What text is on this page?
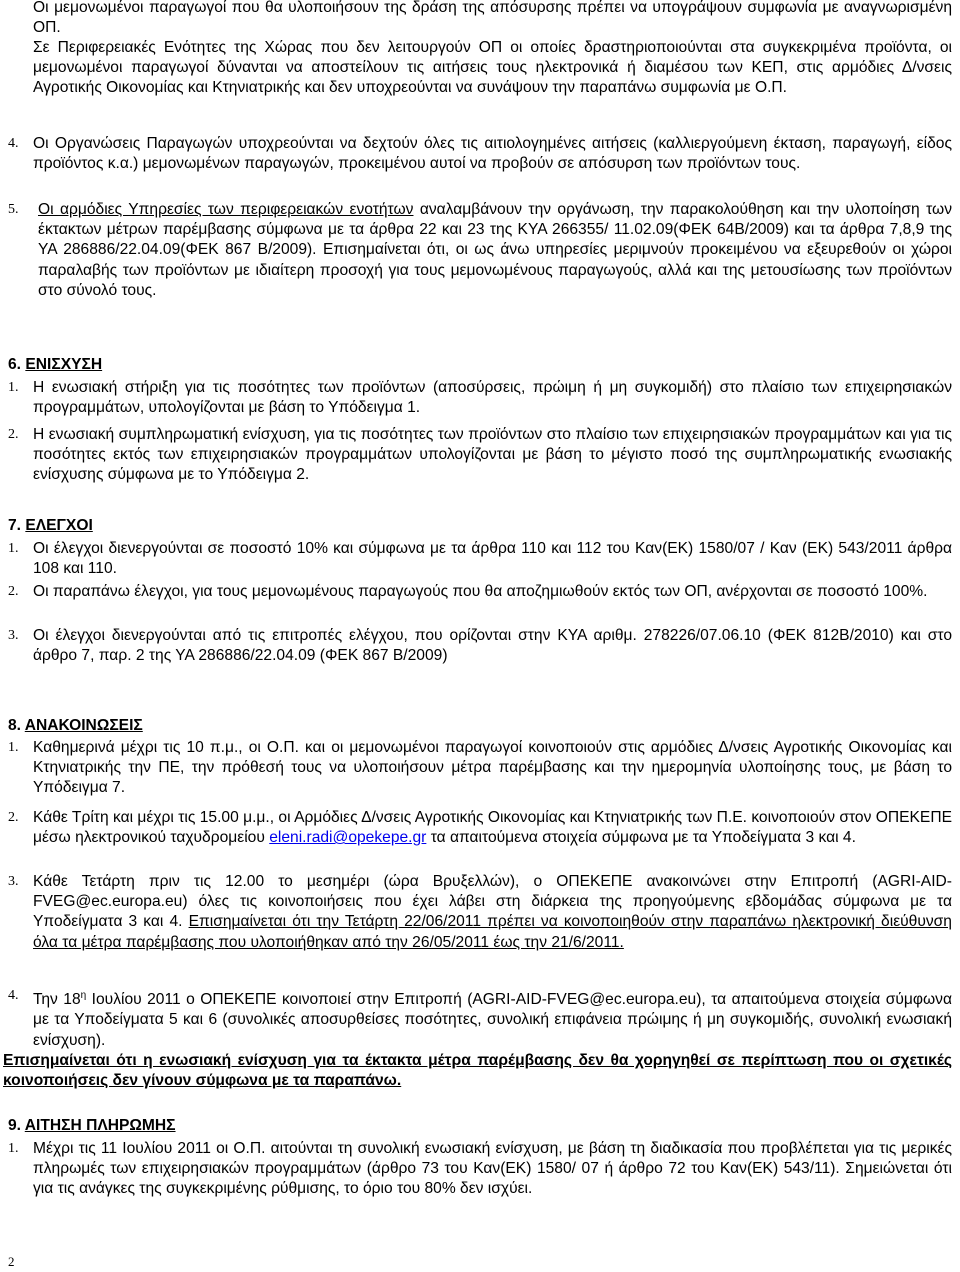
Οι μεμονωμένοι παραγωγοί που θα υλοποιήσουν της δράση της απόσυρσης πρέπει να υπογράψουν συμφωνία με αναγνωρισμένη ΟΠ.
Σε Περιφερειακές Ενότητες της Χώρας που δεν λειτουργούν ΟΠ οι οποίες δραστηριοποιούνται στα συγκεκριμένα προϊόντα, οι μεμονωμένοι παραγωγοί δύνανται να αποστείλουν τις αιτήσεις τους ηλεκτρονικά ή διαμέσου των ΚΕΠ, στις αρμόδιες Δ/νσεις Αγροτικής Οικονομίας και Κτηνιατρικής και δεν υποχρεούνται να συνάψουν την παραπάνω συμφωνία με Ο.Π.
4. Οι Οργανώσεις Παραγωγών υποχρεούνται να δεχτούν όλες τις αιτιολογημένες αιτήσεις (καλλιεργούμενη έκταση, παραγωγή, είδος προϊόντος κ.α.) μεμονωμένων παραγωγών, προκειμένου αυτοί να προβούν σε απόσυρση των προϊόντων τους.
5. Οι αρμόδιες Υπηρεσίες των περιφερειακών ενοτήτων αναλαμβάνουν την οργάνωση, την παρακολούθηση και την υλοποίηση των έκτακτων μέτρων παρέμβασης σύμφωνα με τα άρθρα 22 και 23 της ΚΥΑ 266355/ 11.02.09(ΦΕΚ 64Β/2009) και τα άρθρα 7,8,9 της ΥΑ 286886/22.04.09(ΦΕΚ 867 Β/2009). Επισημαίνεται ότι, οι ως άνω υπηρεσίες μεριμνούν προκειμένου να εξευρεθούν οι χώροι παραλαβής των προϊόντων με ιδιαίτερη προσοχή για τους μεμονωμένους παραγωγούς, αλλά και της μετουσίωσης των προϊόντων στο σύνολό τους.
6. ΕΝΙΣΧΥΣΗ
1. Η ενωσιακή στήριξη για τις ποσότητες των προϊόντων (αποσύρσεις, πρώιμη ή μη συγκομιδή) στο πλαίσιο των επιχειρησιακών προγραμμάτων, υπολογίζονται με βάση το Υπόδειγμα 1.
2. Η ενωσιακή συμπληρωματική ενίσχυση, για τις ποσότητες των προϊόντων στο πλαίσιο των επιχειρησιακών προγραμμάτων και για τις ποσότητες εκτός των επιχειρησιακών προγραμμάτων υπολογίζονται με βάση το μέγιστο ποσό της συμπληρωματικής ενωσιακής ενίσχυσης σύμφωνα με το Υπόδειγμα 2.
7. ΕΛΕΓΧΟΙ
1. Οι έλεγχοι διενεργούνται σε ποσοστό 10% και σύμφωνα με τα άρθρα 110 και 112 του Καν(ΕΚ) 1580/07 / Καν (ΕΚ) 543/2011 άρθρα 108 και 110.
2. Οι παραπάνω έλεγχοι, για τους μεμονωμένους παραγωγούς που θα αποζημιωθούν εκτός των ΟΠ, ανέρχονται σε ποσοστό 100%.
3. Οι έλεγχοι διενεργούνται από τις επιτροπές ελέγχου, που ορίζονται στην ΚΥΑ αριθμ. 278226/07.06.10 (ΦΕΚ 812Β/2010) και στο άρθρο 7, παρ. 2 της ΥΑ 286886/22.04.09 (ΦΕΚ 867 Β/2009)
8. ΑΝΑΚΟΙΝΩΣΕΙΣ
1. Καθημερινά μέχρι τις 10 π.μ., οι Ο.Π. και οι μεμονωμένοι παραγωγοί κοινοποιούν στις αρμόδιες Δ/νσεις Αγροτικής Οικονομίας και Κτηνιατρικής την ΠΕ, την πρόθεσή τους να υλοποιήσουν μέτρα παρέμβασης και την ημερομηνία υλοποίησης τους, με βάση το Υπόδειγμα 7.
2. Κάθε Τρίτη και μέχρι τις 15.00 μ.μ., οι Αρμόδιες Δ/νσεις Αγροτικής Οικονομίας και Κτηνιατρικής των Π.Ε. κοινοποιούν στον ΟΠΕΚΕΠΕ μέσω ηλεκτρονικού ταχυδρομείου eleni.radi@opekepe.gr τα απαιτούμενα στοιχεία σύμφωνα με τα Υποδείγματα 3 και 4.
3. Κάθε Τετάρτη πριν τις 12.00 το μεσημέρι (ώρα Βρυξελλών), ο ΟΠΕΚΕΠΕ ανακοινώνει στην Επιτροπή (AGRI-AID-FVEG@ec.europa.eu) όλες τις κοινοποιήσεις που έχει λάβει στη διάρκεια της προηγούμενης εβδομάδας σύμφωνα με τα Υποδείγματα 3 και 4. Επισημαίνεται ότι την Τετάρτη 22/06/2011 πρέπει να κοινοποιηθούν στην παραπάνω ηλεκτρονική διεύθυνση όλα τα μέτρα παρέμβασης που υλοποιήθηκαν από την 26/05/2011 έως την 21/6/2011.
4. Την $18^\eta$ Ιουλίου 2011 ο ΟΠΕΚΕΠΕ κοινοποιεί στην Επιτροπή (AGRI-AID-FVEG@ec.europa.eu), τα απαιτούμενα στοιχεία σύμφωνα με τα Υποδείγματα 5 και 6 (συνολικές αποσυρθείσες ποσότητες, συνολική επιφάνεια πρώιμης ή μη συγκομιδής, συνολική ενωσιακή ενίσχυση).
Επισημαίνεται ότι η ενωσιακή ενίσχυση για τα έκτακτα μέτρα παρέμβασης δεν θα χορηγηθεί σε περίπτωση που οι σχετικές κοινοποιήσεις δεν γίνουν σύμφωνα με τα παραπάνω.
9. ΑΙΤΗΣΗ ΠΛΗΡΩΜΗΣ
1. Μέχρι τις 11 Ιουλίου 2011 οι Ο.Π. αιτούνται τη συνολική ενωσιακή ενίσχυση, με βάση τη διαδικασία που προβλέπεται για τις μερικές πληρωμές των επιχειρησιακών προγραμμάτων (άρθρο 73 του Καν(ΕΚ) 1580/ 07 ή άρθρο 72 του Καν(ΕΚ) 543/11). Σημειώνεται ότι για τις ανάγκες της συγκεκριμένης ρύθμισης, το όριο του 80% δεν ισχύει.
2
